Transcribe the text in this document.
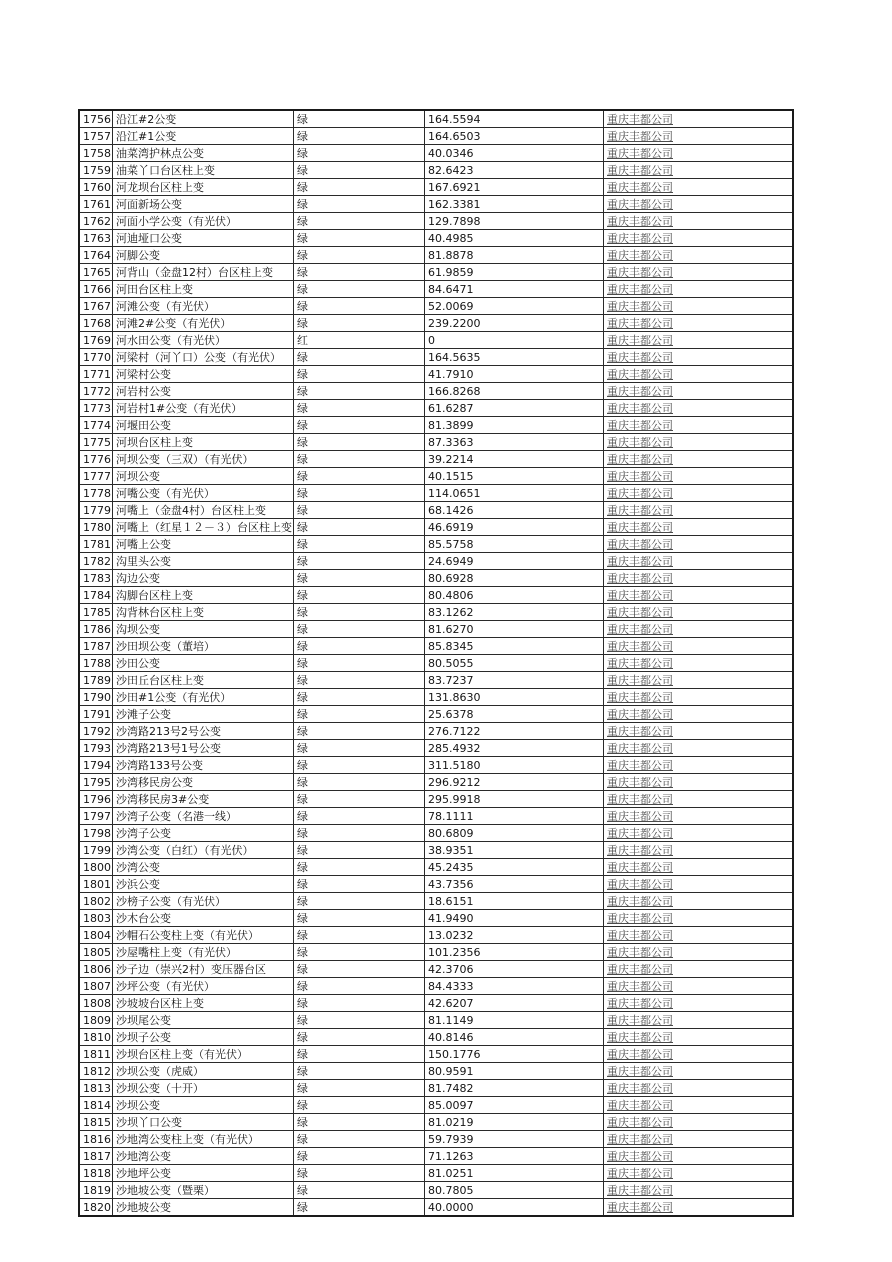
1756	沿江#2公变	绿	164.5594	重庆丰都公司
1757	沿江#1公变	绿	164.6503	重庆丰都公司
1758	油菜湾护林点公变	绿	40.0346	重庆丰都公司
1759	油菜丫口台区柱上变	绿	82.6423	重庆丰都公司
1760	河龙坝台区柱上变	绿	167.6921	重庆丰都公司
1761	河面新场公变	绿	162.3381	重庆丰都公司
1762	河面小学公变（有光伏）	绿	129.7898	重庆丰都公司
1763	河迪垭口公变	绿	40.4985	重庆丰都公司
1764	河脚公变	绿	81.8878	重庆丰都公司
1765	河背山（金盘12村）台区柱上变	绿	61.9859	重庆丰都公司
1766	河田台区柱上变	绿	84.6471	重庆丰都公司
1767	河滩公变（有光伏）	绿	52.0069	重庆丰都公司
1768	河滩2#公变（有光伏）	绿	239.2200	重庆丰都公司
1769	河水田公变（有光伏）	红	0	重庆丰都公司
1770	河梁村（河丫口）公变（有光伏）	绿	164.5635	重庆丰都公司
1771	河梁村公变	绿	41.7910	重庆丰都公司
1772	河岩村公变	绿	166.8268	重庆丰都公司
1773	河岩村1#公变（有光伏）	绿	61.6287	重庆丰都公司
1774	河堰田公变	绿	81.3899	重庆丰都公司
1775	河坝台区柱上变	绿	87.3363	重庆丰都公司
1776	河坝公变（三双）（有光伏）	绿	39.2214	重庆丰都公司
1777	河坝公变	绿	40.1515	重庆丰都公司
1778	河嘴公变（有光伏）	绿	114.0651	重庆丰都公司
1779	河嘴上（金盘4村）台区柱上变	绿	68.1426	重庆丰都公司
1780	河嘴上（红星１２－３）台区柱上变	绿	46.6919	重庆丰都公司
1781	河嘴上公变	绿	85.5758	重庆丰都公司
1782	沟里头公变	绿	24.6949	重庆丰都公司
1783	沟边公变	绿	80.6928	重庆丰都公司
1784	沟脚台区柱上变	绿	80.4806	重庆丰都公司
1785	沟背林台区柱上变	绿	83.1262	重庆丰都公司
1786	沟坝公变	绿	81.6270	重庆丰都公司
1787	沙田坝公变（董培）	绿	85.8345	重庆丰都公司
1788	沙田公变	绿	80.5055	重庆丰都公司
1789	沙田丘台区柱上变	绿	83.7237	重庆丰都公司
1790	沙田#1公变（有光伏）	绿	131.8630	重庆丰都公司
1791	沙滩子公变	绿	25.6378	重庆丰都公司
1792	沙湾路213号2号公变	绿	276.7122	重庆丰都公司
1793	沙湾路213号1号公变	绿	285.4932	重庆丰都公司
1794	沙湾路133号公变	绿	311.5180	重庆丰都公司
1795	沙湾移民房公变	绿	296.9212	重庆丰都公司
1796	沙湾移民房3#公变	绿	295.9918	重庆丰都公司
1797	沙湾子公变（名港一线）	绿	78.1111	重庆丰都公司
1798	沙湾子公变	绿	80.6809	重庆丰都公司
1799	沙湾公变（白红）（有光伏）	绿	38.9351	重庆丰都公司
1800	沙湾公变	绿	45.2435	重庆丰都公司
1801	沙浜公变	绿	43.7356	重庆丰都公司
1802	沙榜子公变（有光伏）	绿	18.6151	重庆丰都公司
1803	沙木台公变	绿	41.9490	重庆丰都公司
1804	沙帽石公变柱上变（有光伏）	绿	13.0232	重庆丰都公司
1805	沙屋嘴柱上变（有光伏）	绿	101.2356	重庆丰都公司
1806	沙子边（崇兴2村）变压器台区	绿	42.3706	重庆丰都公司
1807	沙坪公变（有光伏）	绿	84.4333	重庆丰都公司
1808	沙坡坡台区柱上变	绿	42.6207	重庆丰都公司
1809	沙坝尾公变	绿	81.1149	重庆丰都公司
1810	沙坝子公变	绿	40.8146	重庆丰都公司
1811	沙坝台区柱上变（有光伏）	绿	150.1776	重庆丰都公司
1812	沙坝公变（虎威）	绿	80.9591	重庆丰都公司
1813	沙坝公变（十开）	绿	81.7482	重庆丰都公司
1814	沙坝公变	绿	85.0097	重庆丰都公司
1815	沙坝丫口公变	绿	81.0219	重庆丰都公司
1816	沙地湾公变柱上变（有光伏）	绿	59.7939	重庆丰都公司
1817	沙地湾公变	绿	71.1263	重庆丰都公司
1818	沙地坪公变	绿	81.0251	重庆丰都公司
1819	沙地坡公变（暨栗）	绿	80.7805	重庆丰都公司
1820	沙地坡公变	绿	40.0000	重庆丰都公司
